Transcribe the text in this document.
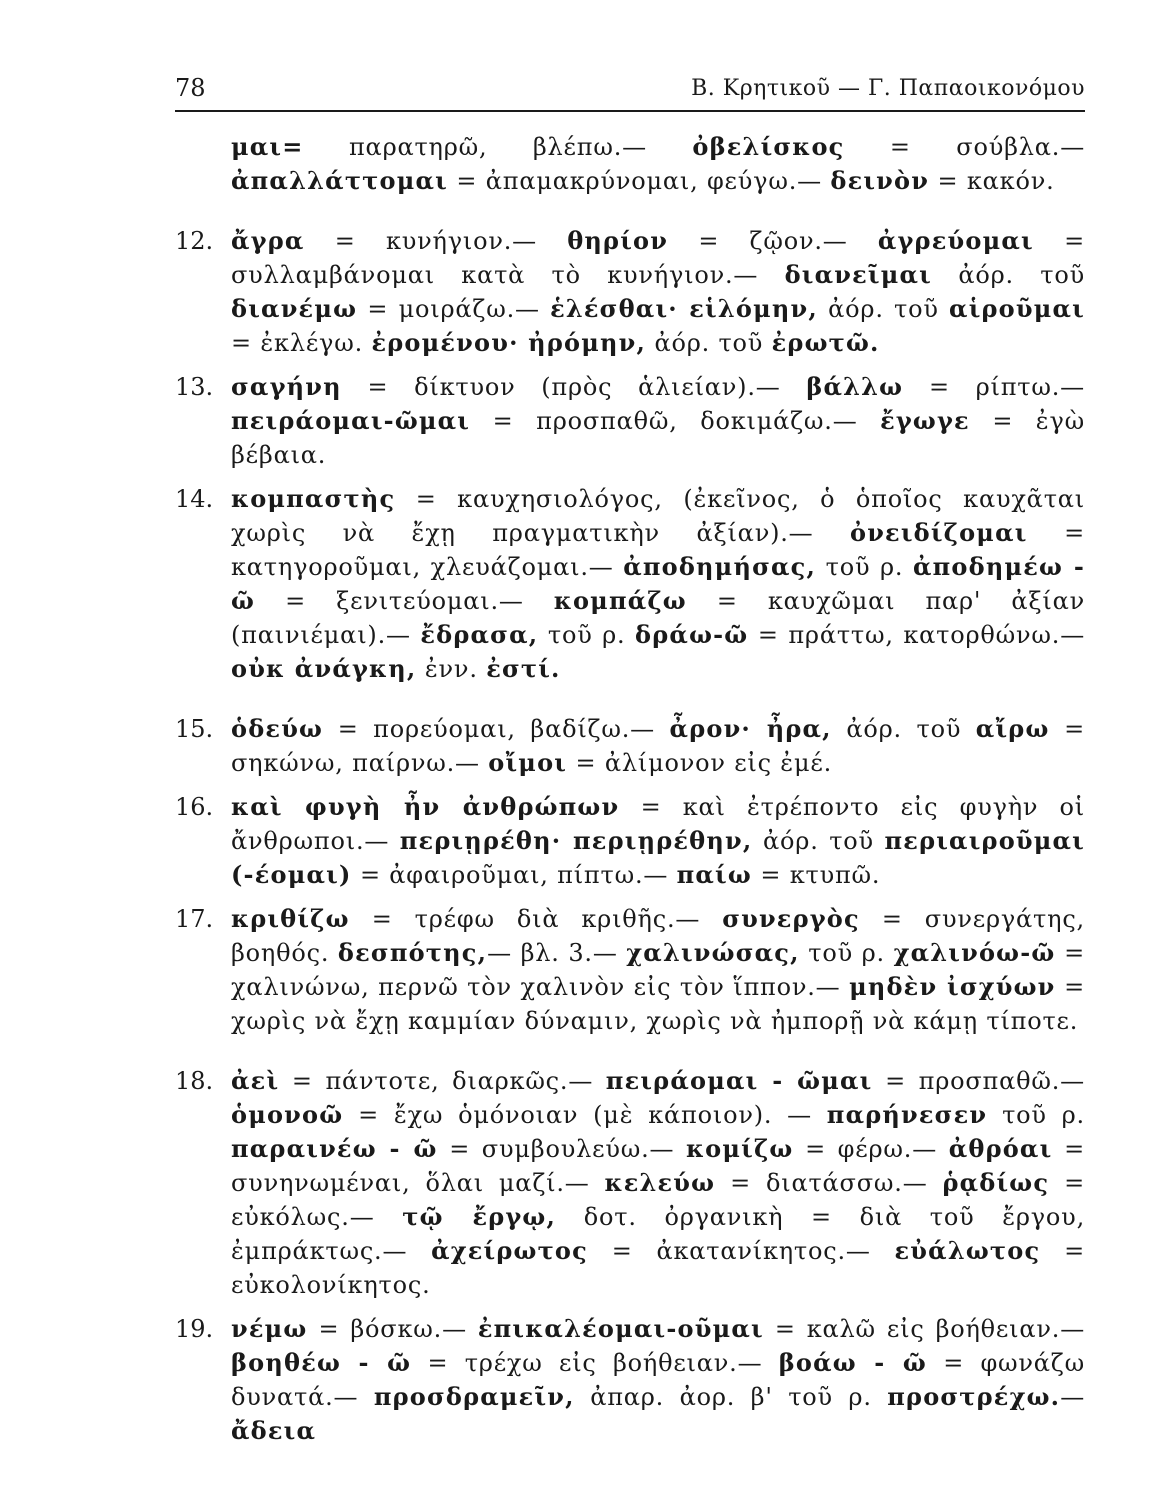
78	Β. Κρητικοῦ — Γ. Παπαοικονόμου
μαι= παρατηρῶ, βλέπω.— ὀβελίσκος = σούβλα.— ἀπαλλάττομαι = ἀπαμακρύνομαι, φεύγω.— δεινὸν = κακόν.
12. ἄγρα = κυνήγιον.— θηρίον = ζῷον.— ἀγρεύομαι = συλλαμβάνομαι κατὰ τὸ κυνήγιον.— διανεῖμαι ἀόρ. τοῦ διανέμω = μοιράζω.— ἑλέσθαι· εἱλόμην, ἀόρ. τοῦ αἱροῦμαι = ἐκλέγω. ἐρομένου· ἠρόμην, ἀόρ. τοῦ ἐρωτῶ.
13. σαγήνη = δίκτυον (πρὸς ἁλιείαν).— βάλλω = ρίπτω.— πειράομαι-ῶμαι = προσπαθῶ, δοκιμάζω.— ἔγωγε = ἐγὼ βέβαια.
14. κομπαστὴς = καυχησιολόγος, (ἐκεῖνος, ὁ ὁποῖος καυχᾶται χωρὶς νὰ ἔχῃ πραγματικὴν ἀξίαν).— ὀνειδίζομαι = κατηγοροῦμαι, χλευάζομαι.— ἀποδημήσας, τοῦ ρ. ἀποδημέω - ῶ = ξενιτεύομαι.— κομπάζω = καυχῶμαι παρ' ἀξίαν (παινιέμαι).— ἔδρασα, τοῦ ρ. δράω-ῶ = πράττω, κατορθώνω.— οὐκ ἀνάγκη, ἐνν. ἐστί.
15. ὁδεύω = πορεύομαι, βαδίζω.— ἆρον· ἦρα, ἀόρ. τοῦ αἴρω = σηκώνω, παίρνω.— οἴμοι = ἀλίμονον εἰς ἐμέ.
16. καὶ φυγὴ ἦν ἀνθρώπων = καὶ ἐτρέποντο εἰς φυγὴν οἱ ἄνθρωποι.— περιῃρέθη· περιῃρέθην, ἀόρ. τοῦ περιαιροῦμαι (-έομαι) = ἀφαιροῦμαι, πίπτω.— παίω = κτυπῶ.
17. κριθίζω = τρέφω διὰ κριθῆς.— συνεργὸς = συνεργάτης, βοηθός. δεσπότης,— βλ. 3.— χαλινώσας, τοῦ ρ. χαλινόω-ῶ = χαλινώνω, περνῶ τὸν χαλινὸν εἰς τὸν ἵππον.— μηδὲν ἰσχύων = χωρὶς νὰ ἔχῃ καμμίαν δύναμιν, χωρὶς νὰ ἠμπορῇ νὰ κάμῃ τίποτε.
18. ἀεὶ = πάντοτε, διαρκῶς.— πειράομαι - ῶμαι = προσπαθῶ.— ὁμονοῶ = ἔχω ὁμόνοιαν (μὲ κάποιον). — παρήνεσεν τοῦ ρ. παραινέω - ῶ = συμβουλεύω.— κομίζω = φέρω.— ἀθρόαι = συνηνωμέναι, ὅλαι μαζί.— κελεύω = διατάσσω.— ῥᾳδίως = εὐκόλως.— τῷ ἔργῳ, δοτ. ὀργανικὴ = διὰ τοῦ ἔργου, ἐμπράκτως.— ἀχείρωτος = ἀκατανίκητος.— εὐάλωτος = εὐκολονίκητος.
19. νέμω = βόσκω.— ἐπικαλέομαι-οῦμαι = καλῶ εἰς βοήθειαν.— βοηθέω - ῶ = τρέχω εἰς βοήθειαν.— βοάω - ῶ = φωνάζω δυνατά.— προσδραμεῖν, ἀπαρ. ἀορ. β' τοῦ ρ. προστρέχω.— ἄδεια
